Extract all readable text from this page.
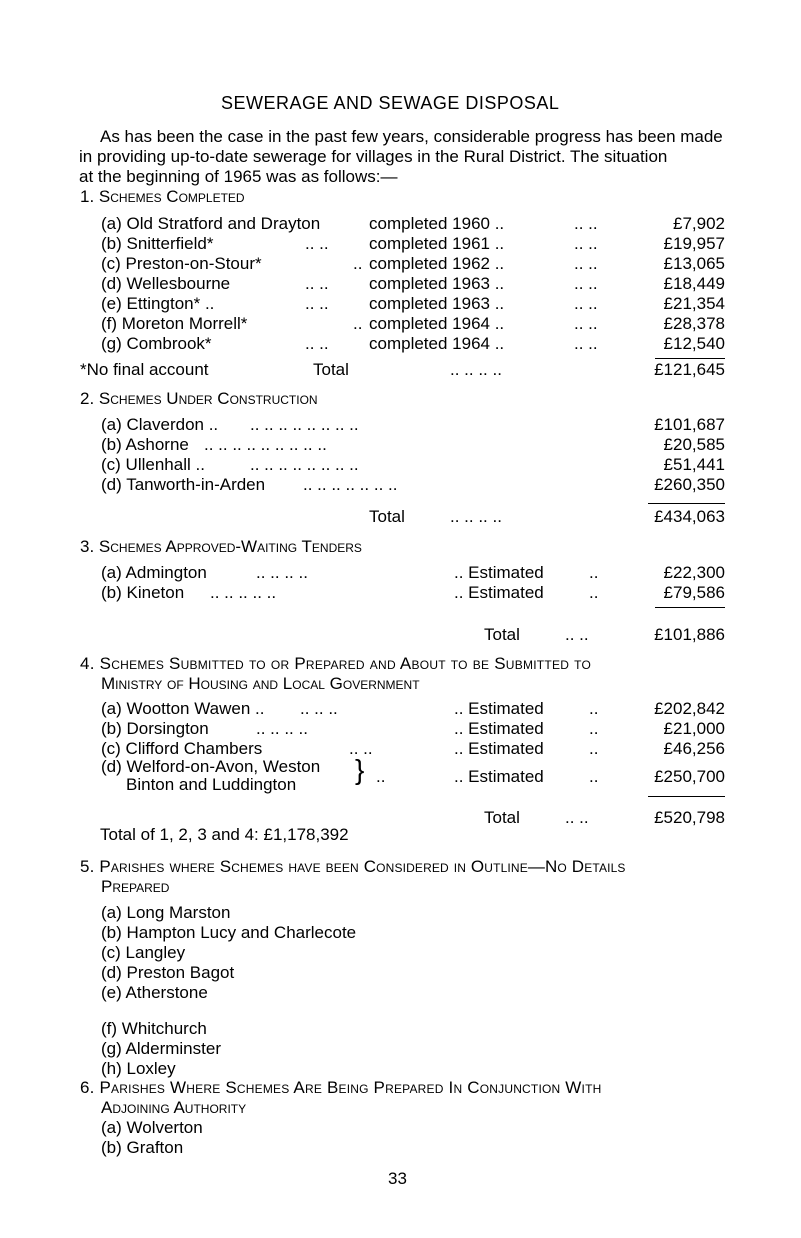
SEWERAGE AND SEWAGE DISPOSAL
As has been the case in the past few years, considerable progress has been made
in providing up-to-date sewerage for villages in the Rural District. The situation
at the beginning of 1965 was as follows:—
1. Schemes Completed
(a) Old Stratford and Drayton	completed 1960 ..	.. ..	£7,902
(b) Snitterfield*	.. .. completed 1961 ..	.. ..	£19,957
(c) Preston-on-Stour*	.. completed 1962 ..	.. ..	£13,065
(d) Wellesbourne	.. .. completed 1963 ..	.. ..	£18,449
(e) Ettington* ..	.. .. completed 1963 ..	.. ..	£21,354
(f) Moreton Morrell*	.. completed 1964 ..	.. ..	£28,378
(g) Combrook*	.. .. completed 1964 ..	.. ..	£12,540
*No final account	Total	.. .. .. ..	£121,645
2. Schemes Under Construction
(a) Claverdon .. .. .. .. .. .. .. .. ..	£101,687
(b) Ashorne .. .. .. .. .. .. .. .. ..	£20,585
(c) Ullenhall ..	.. .. .. .. .. .. .. ..	£51,441
(d) Tanworth-in-Arden .. .. .. .. .. .. ..	£260,350
Total	.. .. .. ..	£434,063
3. Schemes Approved-Waiting Tenders
(a) Admington	.. .. .. ..	.. Estimated	..	£22,300
(b) Kineton .. .. .. .. ..	.. Estimated	..	£79,586
Total	.. ..	£101,886
4. Schemes Submitted to or Prepared and About to be Submitted to
Ministry of Housing and Local Government
(a) Wootton Wawen .. .. .. ..	.. Estimated	..	£202,842
(b) Dorsington	.. .. .. ..	.. Estimated	..	£21,000
(c) Clifford Chambers	.. ..	.. Estimated	..	£46,256
(d) Welford-on-Avon, Weston
Binton and Luddington } ..	.. Estimated	..	£250,700
Total	.. ..	£520,798
Total of 1, 2, 3 and 4: £1,178,392
5. Parishes where Schemes have been Considered in Outline—No Details
Prepared
(a) Long Marston
(b) Hampton Lucy and Charlecote
(c) Langley
(d) Preston Bagot
(e) Atherstone
(f) Whitchurch
(g) Alderminster
(h) Loxley
6. Parishes Where Schemes Are Being Prepared In Conjunction With
Adjoining Authority
(a) Wolverton
(b) Grafton
33
